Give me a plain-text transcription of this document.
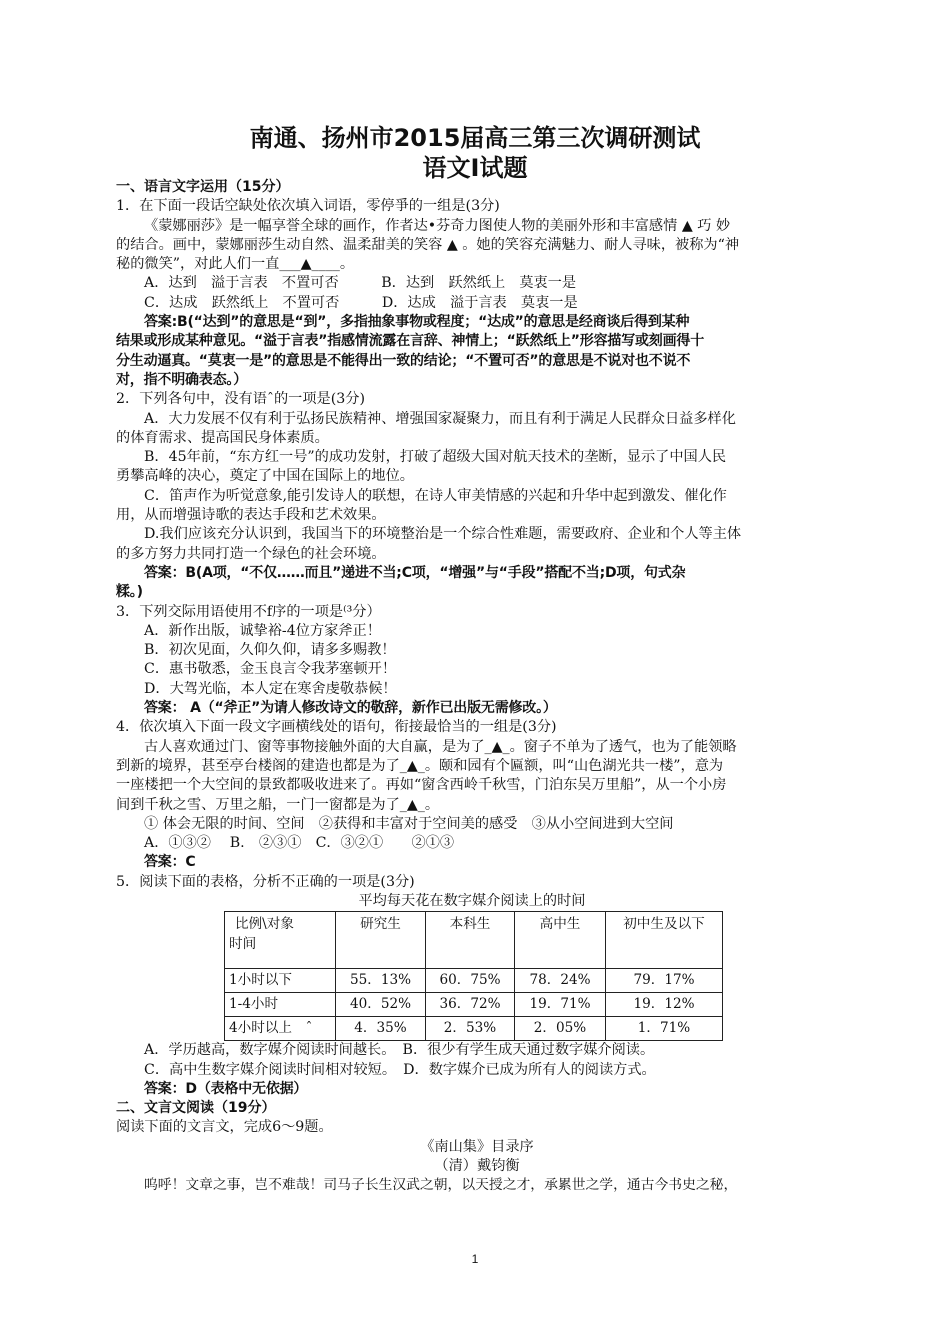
南通、扬州市2015届高三第三次调研测试
语文Ⅰ试题
一、语言文字运用（15分）
1．在下面一段话空缺处依次填入词语，零停爭的一组是(3分)
《蒙娜丽莎》是一幅享誉全球的画作，作者达•芬奇力图使人物的美丽外形和丰富感情 ▲ 巧 妙
的结合。画中，蒙娜丽莎生动自然、温柔甜美的笑容 ▲ 。她的笑容充满魅力、耐人寻味，被称为“神
秘的微笑”，对此人们一直___▲____。
A．达到　溢于言表　不置可否　　　B．达到　跃然纸上　莫衷一是
C．达成　跃然纸上　不置可否　　　D．达成　溢于言表　莫衷一是
答案:B(“达到”的意思是“到”，多指抽象事物或程度；“达成”的意思是经商谈后得到某种
结果或形成某种意见。“溢于言表”指感情流露在言辞、神情上；“跃然纸上”形容描写或刻画得十
分生动逼真。“莫衷一是”的意思是不能得出一致的结论；“不置可否”的意思是不说对也不说不
对，指不明确表态。）
2．下列各句中，没有语ˆ的一项是(3分)
A．大力发展不仅有利于弘扬民族精神、增强国家凝聚力，而且有利于满足人民群众日益多样化
的体育需求、提高国民身体素质。
B．45年前，“东方红一号”的成功发射，打破了超级大国对航天技术的垄断，显示了中国人民
勇攀高峰的决心，奠定了中国在国际上的地位。
C．笛声作为听觉意象,能引发诗人的联想，在诗人审美情感的兴起和升华中起到激发、催化作
用，从而增强诗歌的表达手段和艺术效果。
D.我们应该充分认识到，我国当下的环境整治是一个综合性难题，需要政府、企业和个人等主体
的多方努力共同打造一个绿色的社会环境。
答案：B(A项，“不仅……而且”递进不当;C项，“增强”与“手段”搭配不当;D项，句式杂
糅。)
3．下列交际用语使用不f序的一项是⁽³分）
A．新作出版，诚挚裕-4位方家斧正！
B．初次见面，久仰久仰，请多多赐教！
C．惠书敬悉，金玉良言令我茅塞顿开！
D．大驾光临，本人定在寒舍虔敬恭候！
答案： A（“斧正”为请人修改诗文的敬辞，新作已出版无需修改。）
4．依次填入下面一段文字画横线处的语句，衔接最恰当的一组是(3分)
古人喜欢通过门、窗等事物接触外面的大自赢，是为了_▲_。窗子不单为了透气，也为了能领略
到新的境界，甚至亭台楼阁的建造也都是为了_▲_。颐和园有个匾额，叫“山色湖光共一楼”，意为
一座楼把一个大空间的景致都吸收进来了。再如“窗含西岭千秋雪，门泊东吴万里船”，从一个小房
间到千秋之雪、万里之船，一门一窗都是为了_▲_。
① 体会无限的时间、空间　②获得和丰富对于空间美的感受　③从小空间进到大空间
A．①③②　 B.　②③①　C．③②①　　②①③
答案：C
5．阅读下面的表格，分析不正确的一项是(3分)
平均每天花在数字媒介阅读上的时间
比例\对象
时间	研究生	本科生	高中生	初中生及以下
1小时以下	55．13%	60．75%	78．24%	79．17%
1-4小时	40．52%	36．72%	19．71%	19．12%
4小时以上　ˆ	4．35%	2．53%	2．05%	1．71%
A．学历越高，数字媒介阅读时间越长。　B．很少有学生成天通过数字媒介阅读。
C．高中生数字媒介阅读时间相对较短。　D．数字媒介已成为所有人的阅读方式。
答案：D（表格中无依据）
二、文言文阅读（19分）
阅读下面的文言文，完成6～9题。
《南山集》目录序
（清）戴钧衡
呜呼！文章之事，岂不难哉！司马子长生汉武之朝，以天授之才，承累世之学，通古今书史之秘，
1
